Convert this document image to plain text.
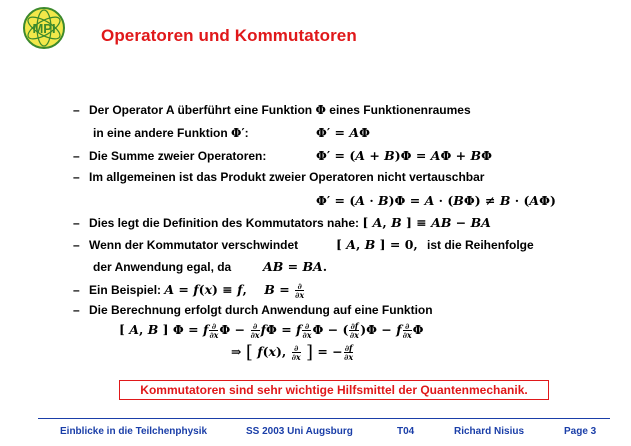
MPI	Operatoren und Kommutatoren
– Der Operator A überführt eine Funktion Φ eines Funktionenraumes
in eine andere Funktion Φ′:	Φ′ = AΦ
– Die Summe zweier Operatoren:	Φ′ = (A + B)Φ = AΦ + BΦ
– Im allgemeinen ist das Produkt zweier Operatoren nicht vertauschbar
Φ′ = (A · B)Φ = A · (BΦ) ≠ B · (AΦ)
– Dies legt die Definition des Kommutators nahe: [ A, B ] ≡ AB − BA
– Wenn der Kommutator verschwindet	[ A, B ] = 0, ist die Reihenfolge
der Anwendung egal, da	AB = BA.
– Ein Beispiel: A = f(x) ≡ f,    $B = \frac{\partial}{\partial x}$
– Die Berechnung erfolgt durch Anwendung auf eine Funktion
[ A, B ] Φ = f $\frac{\partial}{\partial x}$ $\Phi - \frac{\partial}{\partial x}$ fΦ = f $\frac{\partial}{\partial x}$ Φ − ( $\frac{\partial f}{\partial x} )\Phi - f \frac{\partial}{\partial x}$ Φ
⇒ [ f(x), $\frac{\partial}{\partial x}$ ] = − $\frac{\partial f}{\partial x}$
Kommutatoren sind sehr wichtige Hilfsmittel der Quantenmechanik.
Einblicke in die Teilchenphysik	SS 2003 Uni Augsburg	T04	Richard Nisius	Page 3
